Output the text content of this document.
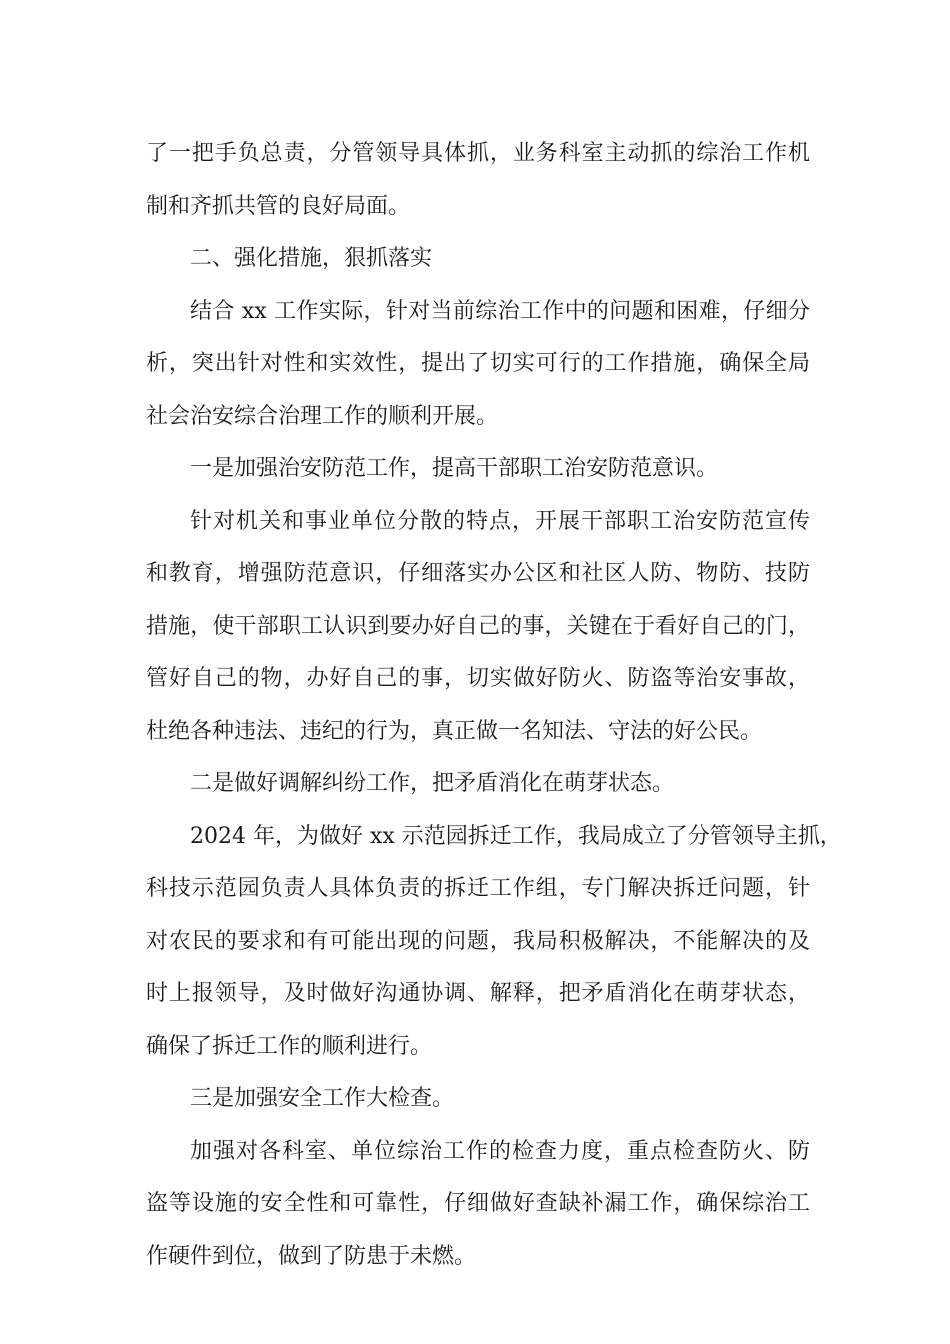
了一把手负总责，分管领导具体抓，业务科室主动抓的综治工作机
制和齐抓共管的良好局面。
二、强化措施，狠抓落实
结合 xx 工作实际，针对当前综治工作中的问题和困难，仔细分
析，突出针对性和实效性，提出了切实可行的工作措施，确保全局
社会治安综合治理工作的顺利开展。
一是加强治安防范工作，提高干部职工治安防范意识。
针对机关和事业单位分散的特点，开展干部职工治安防范宣传
和教育，增强防范意识，仔细落实办公区和社区人防、物防、技防
措施，使干部职工认识到要办好自己的事，关键在于看好自己的门，
管好自己的物，办好自己的事，切实做好防火、防盗等治安事故，
杜绝各种违法、违纪的行为，真正做一名知法、守法的好公民。
二是做好调解纠纷工作，把矛盾消化在萌芽状态。
2024 年，为做好 xx 示范园拆迁工作，我局成立了分管领导主抓，
科技示范园负责人具体负责的拆迁工作组，专门解决拆迁问题，针
对农民的要求和有可能出现的问题，我局积极解决，不能解决的及
时上报领导，及时做好沟通协调、解释，把矛盾消化在萌芽状态，
确保了拆迁工作的顺利进行。
三是加强安全工作大检查。
加强对各科室、单位综治工作的检查力度，重点检查防火、防
盗等设施的安全性和可靠性，仔细做好查缺补漏工作，确保综治工
作硬件到位，做到了防患于未燃。
